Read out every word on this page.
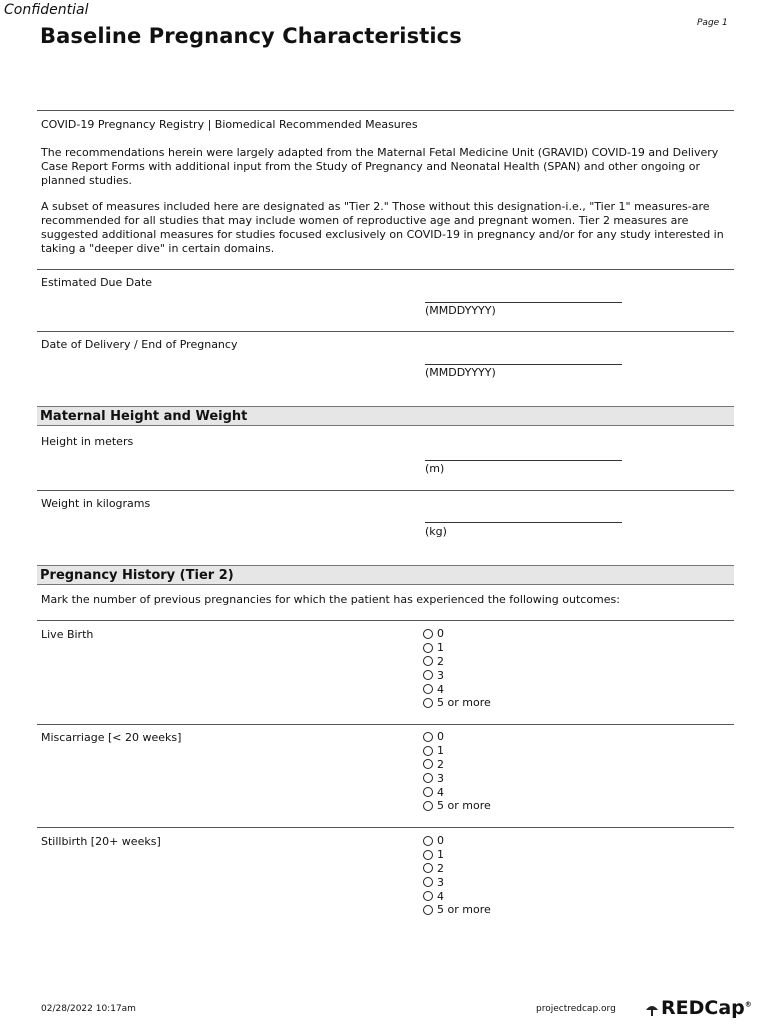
Confidential
Page 1
Baseline Pregnancy Characteristics
COVID-19 Pregnancy Registry | Biomedical Recommended Measures
The recommendations herein were largely adapted from the Maternal Fetal Medicine Unit (GRAVID) COVID-19 and Delivery Case Report Forms with additional input from the Study of Pregnancy and Neonatal Health (SPAN) and other ongoing or planned studies.
A subset of measures included here are designated as "Tier 2." Those without this designation-i.e., "Tier 1" measures-are recommended for all studies that may include women of reproductive age and pregnant women. Tier 2 measures are suggested additional measures for studies focused exclusively on COVID-19 in pregnancy and/or for any study interested in taking a "deeper dive" in certain domains.
Estimated Due Date
(MMDDYYYY)
Date of Delivery / End of Pregnancy
(MMDDYYYY)
Maternal Height and Weight
Height in meters
(m)
Weight in kilograms
(kg)
Pregnancy History (Tier 2)
Mark the number of previous pregnancies for which the patient has experienced the following outcomes:
Live Birth	0
1
2
3
4
5 or more
Miscarriage [< 20 weeks]	0
1
2
3
4
5 or more
Stillbirth [20+ weeks]	0
1
2
3
4
5 or more
02/28/2022 10:17am	projectredcap.org	REDCap®
